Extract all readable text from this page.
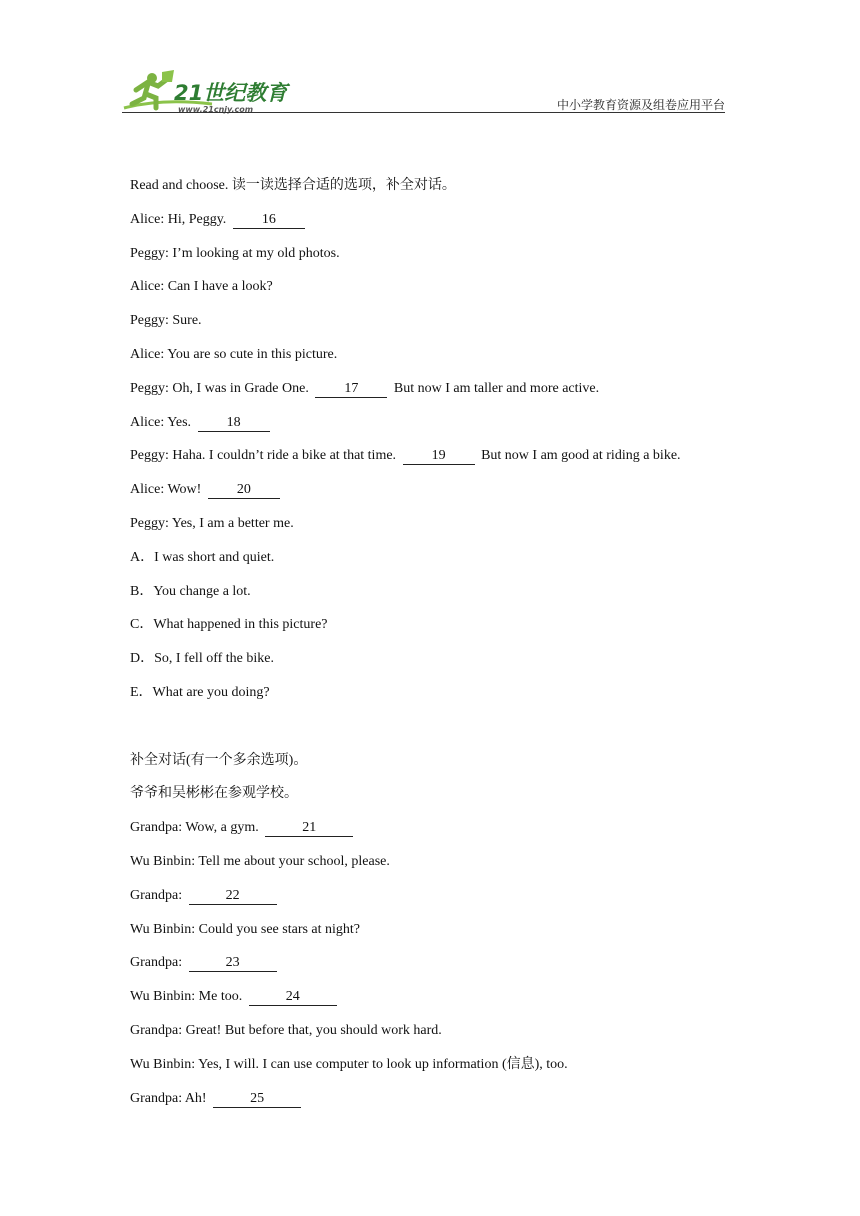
21世纪教育
www.21cnjy.com	中小学教育资源及组卷应用平台
Read and choose. 读一读选择合适的选项，补全对话。
Alice: Hi, Peggy.	16
Peggy: I’m looking at my old photos.
Alice: Can I have a look?
Peggy: Sure.
Alice: You are so cute in this picture.
Peggy: Oh, I was in Grade One.	17	But now I am taller and more active.
Alice: Yes.	18
Peggy: Haha. I couldn’t ride a bike at that time.	19	But now I am good at riding a bike.
Alice: Wow!	20
Peggy: Yes, I am a better me.
A．I was short and quiet.
B．You change a lot.
C．What happened in this picture?
D．So, I fell off the bike.
E．What are you doing?
补全对话(有一个多余选项)。
爷爷和吴彬彬在参观学校。
Grandpa: Wow, a gym.	21
Wu Binbin: Tell me about your school, please.
Grandpa:	22
Wu Binbin: Could you see stars at night?
Grandpa:	23
Wu Binbin: Me too.	24
Grandpa: Great! But before that, you should work hard.
Wu Binbin: Yes, I will. I can use computer to look up information (信息), too.
Grandpa: Ah!	25
